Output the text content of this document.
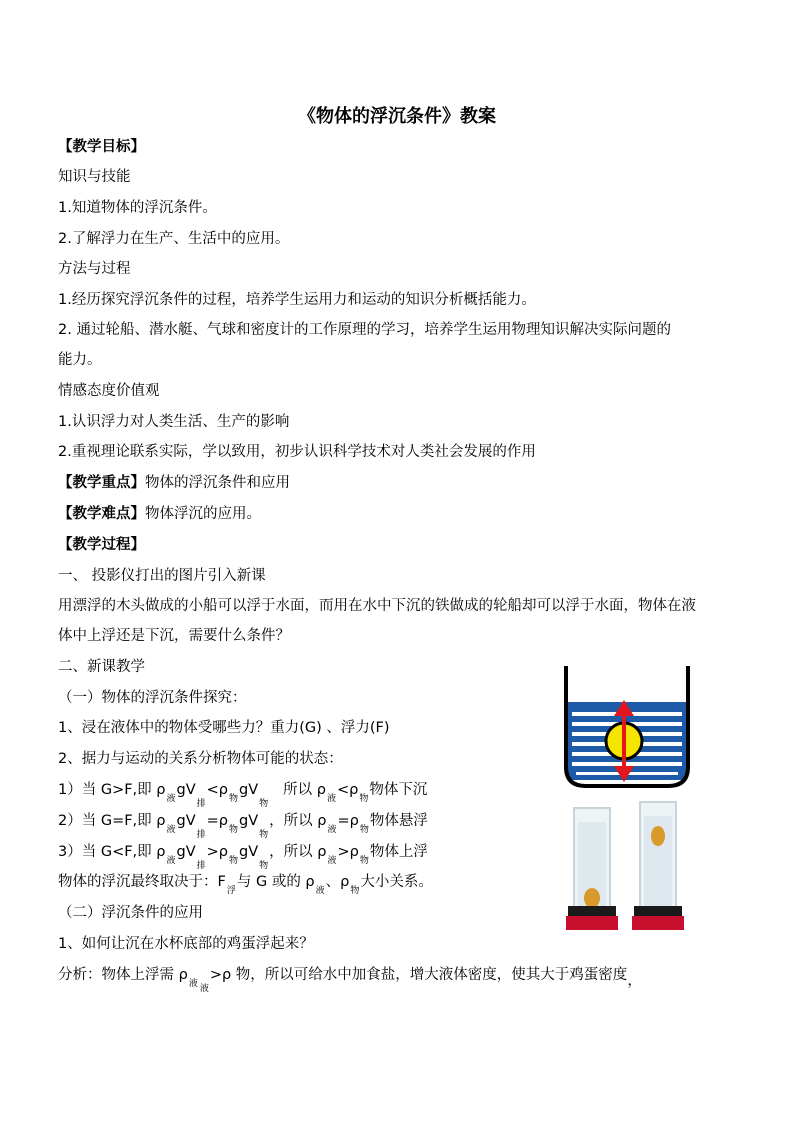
《物体的浮沉条件》教案
【教学目标】
知识与技能
1.知道物体的浮沉条件。
2.了解浮力在生产、生活中的应用。
方法与过程
1.经历探究浮沉条件的过程，培养学生运用力和运动的知识分析概括能力。
2. 通过轮船、潜水艇、气球和密度计的工作原理的学习，培养学生运用物理知识解决实际问题的
能力。
情感态度价值观
1.认识浮力对人类生活、生产的影响
2.重视理论联系实际，学以致用，初步认识科学技术对人类社会发展的作用
【教学重点】物体的浮沉条件和应用
【教学难点】物体浮沉的应用。
【教学过程】
一、 投影仪打出的图片引入新课
用漂浮的木头做成的小船可以浮于水面，而用在水中下沉的铁做成的轮船却可以浮于水面，物体在液
体中上浮还是下沉，需要什么条件？
二、新课教学
（一）物体的浮沉条件探究：
1、浸在液体中的物体受哪些力？重力(G) 、浮力(F)
2、据力与运动的关系分析物体可能的状态：
1）当 G>F,即 $\rho_液gV_排<\rho_物gV_物$所以 $\rho_液<\rho_物$物体下沉
2）当 G=F,即 $\rho_液gV_排=\rho_物gV_物$，所以 $\rho_液=\rho_物$物体悬浮
3）当 G<F,即 $\rho_液gV_排>\rho_物gV_物$，所以 $\rho_液>\rho_物$物体上浮
物体的浮沉最终取决于：$F_浮$与 G 或的 $\rho_液$、$\rho_物$大小关系。
（二）浮沉条件的应用
1、如何让沉在水杯底部的鸡蛋浮起来？
分析：物体上浮需 $\rho_液$ $_液$>ρ 物，所以可给水中加食盐，增大液体密度，使其大于鸡蛋密度，
